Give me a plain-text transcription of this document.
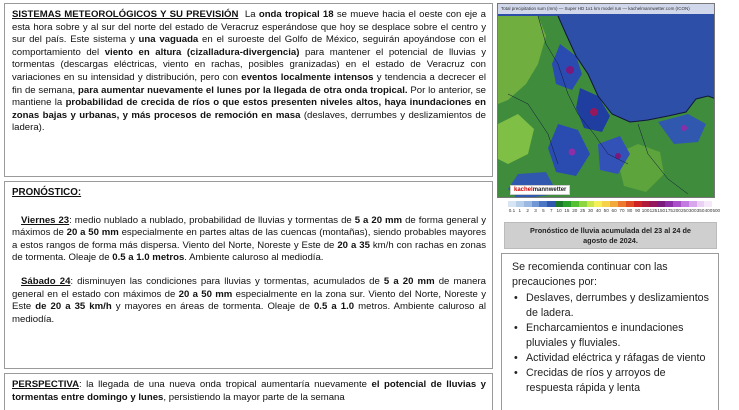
SISTEMAS METEOROLÓGICOS Y SU PREVISIÓN La onda tropical 18 se mueve hacia el oeste con eje a esta hora sobre y al sur del norte del estado de Veracruz esperándose que hoy se desplace sobre el centro y sur del país. Este sistema y una vaguada en el suroeste del Golfo de México, seguirán apoyándose con el comportamiento del viento en altura (cizalladura-divergencia) para mantener el potencial de lluvias y tormentas (descargas eléctricas, viento en rachas, posibles granizadas) en el estado de Veracruz con variaciones en su intensidad y distribución, pero con eventos localmente intensos y tendencia a decrecer el fin de semana, para aumentar nuevamente el lunes por la llegada de otra onda tropical. Por lo anterior, se mantiene la probabilidad de crecida de ríos o que estos presenten niveles altos, haya inundaciones en zonas bajas y urbanas, y más procesos de remoción en masa (deslaves, derrumbes y deslizamientos de ladera).
PRONÓSTICO:
Viernes 23: medio nublado a nublado, probabilidad de lluvias y tormentas de 5 a 20 mm de forma general y máximos de 20 a 50 mm especialmente en partes altas de las cuencas (montañas), siendo probables mayores a estos rangos de forma más dispersa. Viento del Norte, Noreste y Este de 20 a 35 km/h con rachas en zonas de tormenta. Oleaje de 0.5 a 1.0 metros. Ambiente caluroso al mediodía.
Sábado 24: disminuyen las condiciones para lluvias y tormentas, acumulados de 5 a 20 mm de manera general en el estado con máximos de 20 a 50 mm especialmente en la zona sur. Viento del Norte, Noreste y Este de 20 a 35 km/h y mayores en áreas de tormenta. Oleaje de 0.5 a 1.0 metros. Ambiente caluroso al mediodía.
PERSPECTIVA: la llegada de una nueva onda tropical aumentaría nuevamente el potencial de lluvias y tormentas entre domingo y lunes, persistiendo la mayor parte de la semana
Total precipitation sum (mm) — Super HD 1x1 km model run — kachelmannwetter.com (ICON)
kachelmannwetter
0.1 1	2	3	5	7 10 15 20 25 30 40 50 60 70 80 90 100 125 150 175 200 250 300 350 400 500
Pronóstico de lluvia acumulada del 23 al 24 de
agosto de 2024.
Se recomienda continuar con las precauciones por:
• Deslaves, derrumbes y deslizamientos de ladera.
• Encharcamientos e inundaciones pluviales y fluviales.
• Actividad eléctrica y ráfagas de viento
• Crecidas de ríos y arroyos de respuesta rápida y lenta
